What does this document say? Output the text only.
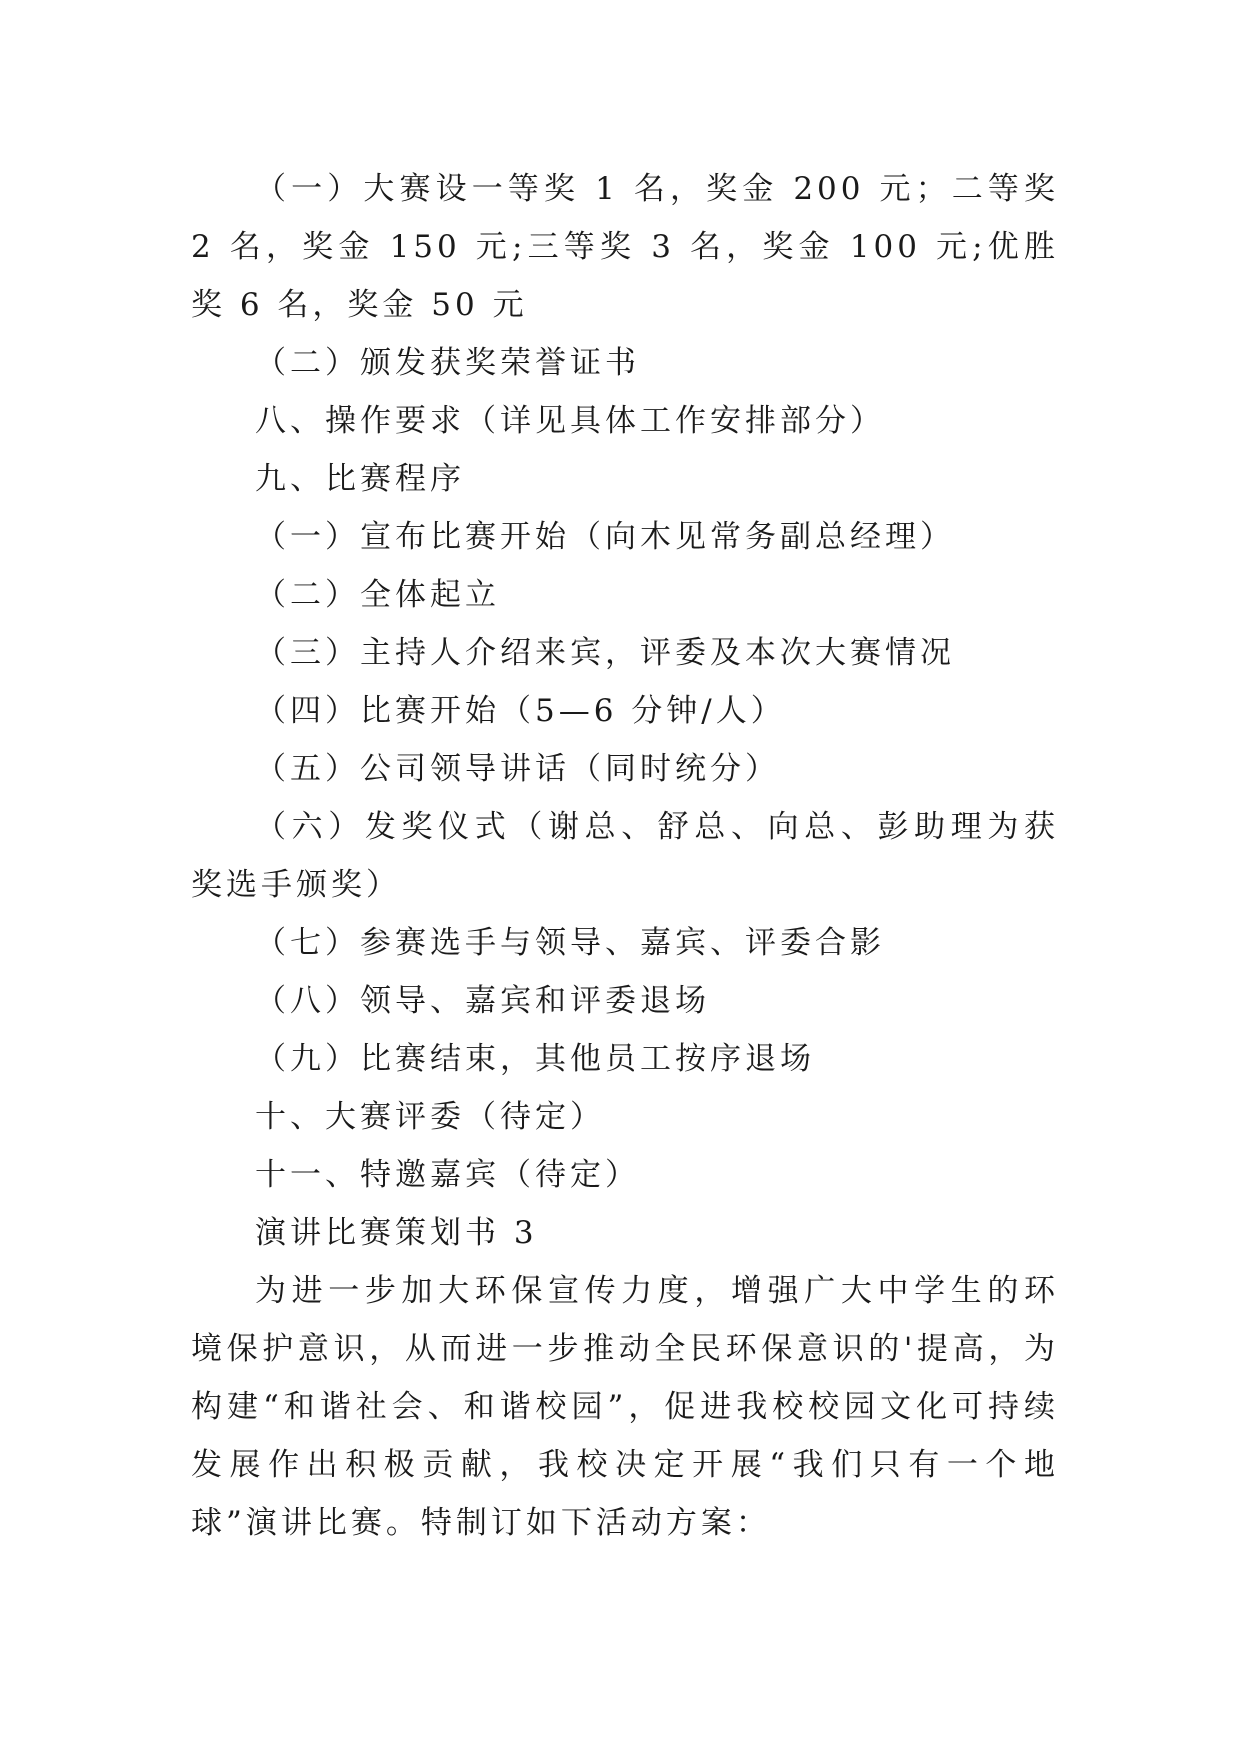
（一）大赛设一等奖 1 名，奖金 200 元；二等奖 2 名，奖金 150 元;三等奖 3 名，奖金 100 元;优胜奖 6 名，奖金 50 元

（二）颁发获奖荣誉证书

八、操作要求（详见具体工作安排部分）

九、比赛程序

（一）宣布比赛开始（向木见常务副总经理）

（二）全体起立

（三）主持人介绍来宾，评委及本次大赛情况

（四）比赛开始（5—6 分钟/人）

（五）公司领导讲话（同时统分）

（六）发奖仪式（谢总、舒总、向总、彭助理为获奖选手颁奖）

（七）参赛选手与领导、嘉宾、评委合影

（八）领导、嘉宾和评委退场

（九）比赛结束，其他员工按序退场

十、大赛评委（待定）

十一、特邀嘉宾（待定）

演讲比赛策划书 3

为进一步加大环保宣传力度，增强广大中学生的环境保护意识，从而进一步推动全民环保意识的'提高，为构建“和谐社会、和谐校园”，促进我校校园文化可持续发展作出积极贡献，我校决定开展“我们只有一个地球”演讲比赛。特制订如下活动方案：
